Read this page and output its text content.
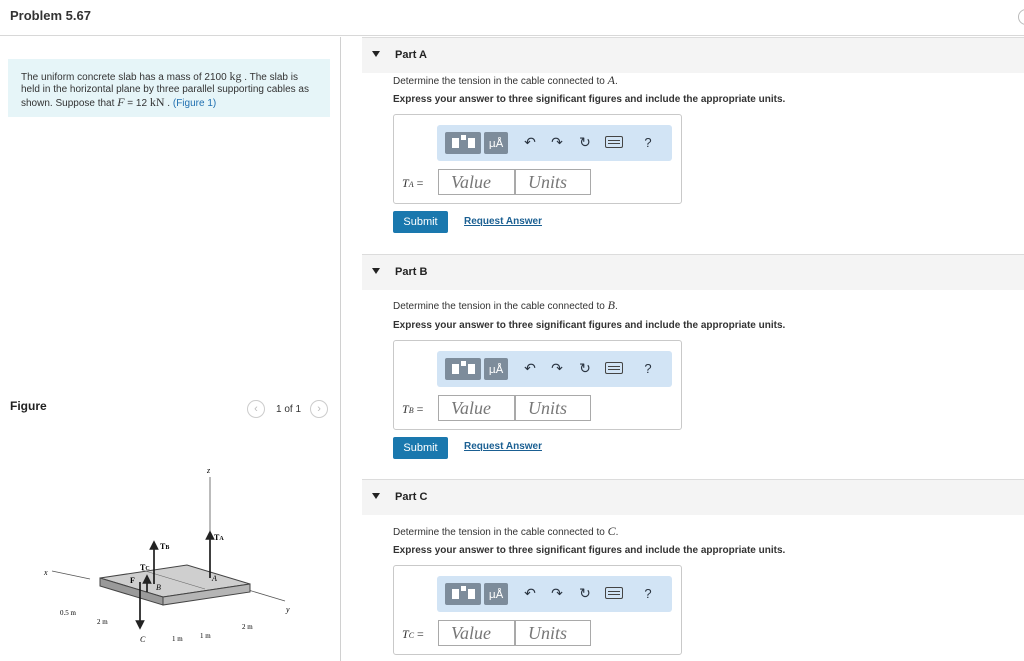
Problem 5.67
The uniform concrete slab has a mass of 2100 kg . The slab is held in the horizontal plane by three parallel supporting cables as shown. Suppose that F = 12 kN . (Figure 1)
Figure	‹	1 of 1	›
z
x
y
TA
A
TB
B
TC
C
F
0.5 m
2 m
1 m 1 m
2 m
Part A
Determine the tension in the cable connected to A.
Express your answer to three significant figures and include the appropriate units.
µÅ	↶ ↷ ↻	?
TA =	Value	Units
Submit	Request Answer
Part B
Determine the tension in the cable connected to B.
Express your answer to three significant figures and include the appropriate units.
µÅ	↶ ↷ ↻	?
TB =	Value	Units
Submit	Request Answer
Part C
Determine the tension in the cable connected to C.
Express your answer to three significant figures and include the appropriate units.
µÅ	↶ ↷ ↻	?
TC =	Value	Units
